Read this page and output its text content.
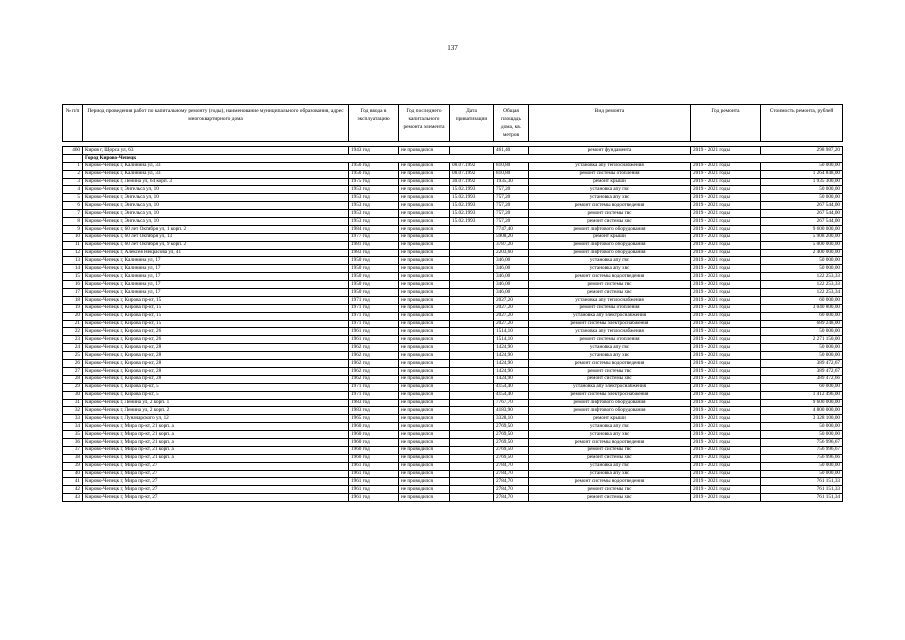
137
№ п/п	Период проведения работ по капитальному ремонту (годы), наименование муниципального образования, адрес многоквартирного дома	Год ввода в эксплуатацию	Год последнего капитального ремонта элемента	Дата приватизации	Общая площадь дома, кв. метров	Вид ремонта	Год ремонта	Стоимость ремонта, рублей

460	Киров г, Щорса ул, 63	1943 год	не проводился		461,40	ремонт фундамента	2019 - 2021 годы	298 987,20
	Город Кирово-Чепецк							
1	Кирово-Чепецк г, Калинина ул, 33	1950 год	не проводился	08.07.1992	810,80	установка апу теплоснабжения	2019 - 2021 годы	50 000,00
2	Кирово-Чепецк г, Калинина ул, 33	1950 год	не проводился	08.07.1992	810,80	ремонт системы отопления	2019 - 2021 годы	1 264 848,00
3	Кирово-Чепецк г, Ленина ул, 64 корп. 3	1975 год	не проводился	30.07.1992	1935,30	ремонт крыши	2019 - 2021 годы	1 935 300,00
4	Кирово-Чепецк г, Энгельса ул, 10	1953 год	не проводился	15.02.1993	757,20	установка апу гвс	2019 - 2021 годы	50 000,00
5	Кирово-Чепецк г, Энгельса ул, 10	1953 год	не проводился	15.02.1993	757,20	установка апу хвс	2019 - 2021 годы	50 000,00
6	Кирово-Чепецк г, Энгельса ул, 10	1953 год	не проводился	15.02.1993	757,20	ремонт системы водоотведения	2019 - 2021 годы	267 544,00
7	Кирово-Чепецк г, Энгельса ул, 10	1953 год	не проводился	15.02.1993	757,20	ремонт системы гвс	2019 - 2021 годы	267 544,00
8	Кирово-Чепецк г, Энгельса ул, 10	1953 год	не проводился	15.02.1993	757,20	ремонт системы хвс	2019 - 2021 годы	267 544,00
9	Кирово-Чепецк г, 60 лет Октября ул, 1 корп. 2	1984 год	не проводился		7747,40	ремонт лифтового оборудования	2019 - 2021 годы	9 600 000,00
10	Кирово-Чепецк г, 60 лет Октября ул, 13	1977 год	не проводился		5908,20	ремонт крыши	2019 - 2021 годы	5 908 200,00
11	Кирово-Чепецк г, 60 лет Октября ул, 9 корп. 2	1981 год	не проводился		3787,20	ремонт лифтового оборудования	2019 - 2021 годы	5 000 000,00
12	Кирово-Чепецк г, Алексея Некрасова ул, 41	1983 год	не проводился		2203,60	ремонт лифтового оборудования	2019 - 2021 годы	2 400 000,00
13	Кирово-Чепецк г, Калинина ул, 17	1950 год	не проводился		346,00	установка апу гвс	2019 - 2021 годы	50 000,00
14	Кирово-Чепецк г, Калинина ул, 17	1950 год	не проводился		346,00	установка апу хвс	2019 - 2021 годы	50 000,00
15	Кирово-Чепецк г, Калинина ул, 17	1950 год	не проводился		346,00	ремонт системы водоотведения	2019 - 2021 годы	122 253,33
16	Кирово-Чепецк г, Калинина ул, 17	1950 год	не проводился		346,00	ремонт системы гвс	2019 - 2021 годы	122 253,33
17	Кирово-Чепецк г, Калинина ул, 17	1950 год	не проводился		346,00	ремонт системы хвс	2019 - 2021 годы	122 253,34
18	Кирово-Чепецк г, Кирова пр-кт, 15	1971 год	не проводился		2027,20	установка апу теплоснабжения	2019 - 2021 годы	60 000,00
19	Кирово-Чепецк г, Кирова пр-кт, 15	1971 год	не проводился		2027,20	ремонт системы отопления	2019 - 2021 годы	3 040 800,00
20	Кирово-Чепецк г, Кирова пр-кт, 15	1971 год	не проводился		2027,20	установка апу электроснабжения	2019 - 2021 годы	60 000,00
21	Кирово-Чепецк г, Кирова пр-кт, 15	1971 год	не проводился		2027,20	ремонт системы электроснабжения	2019 - 2021 годы	689 248,00
22	Кирово-Чепецк г, Кирова пр-кт, 26	1961 год	не проводился		1514,10	установка апу теплоснабжения	2019 - 2021 годы	50 000,00
23	Кирово-Чепецк г, Кирова пр-кт, 26	1961 год	не проводился		1514,10	ремонт системы отопления	2019 - 2021 годы	2 271 150,00
24	Кирово-Чепецк г, Кирова пр-кт, 28	1962 год	не проводился		1424,90	установка апу гвс	2019 - 2021 годы	50 000,00
25	Кирово-Чепецк г, Кирова пр-кт, 28	1962 год	не проводился		1424,90	установка апу хвс	2019 - 2021 годы	50 000,00
26	Кирово-Чепецк г, Кирова пр-кт, 28	1962 год	не проводился		1424,90	ремонт системы водоотведения	2019 - 2021 годы	389 472,67
27	Кирово-Чепецк г, Кирова пр-кт, 28	1962 год	не проводился		1424,90	ремонт системы гвс	2019 - 2021 годы	389 472,67
28	Кирово-Чепецк г, Кирова пр-кт, 28	1962 год	не проводился		1424,90	ремонт системы хвс	2019 - 2021 годы	389 472,66
29	Кирово-Чепецк г, Кирова пр-кт, 5	1971 год	не проводился		4154,40	установка апу электроснабжения	2019 - 2021 годы	60 000,00
30	Кирово-Чепецк г, Кирова пр-кт, 5	1971 год	не проводился		4154,40	ремонт системы электроснабжения	2019 - 2021 годы	1 412 496,00
31	Кирово-Чепецк г, Ленина ул, 2 корп. 1	1983 год	не проводился		7767,70	ремонт лифтового оборудования	2019 - 2021 годы	9 600 000,00
32	Кирово-Чепецк г, Ленина ул, 2 корп. 2	1983 год	не проводился		4183,90	ремонт лифтового оборудования	2019 - 2021 годы	4 800 000,00
33	Кирово-Чепецк г, Луначарского ул, 12	1965 год	не проводился		3328,10	ремонт крыши	2019 - 2021 годы	3 328 100,00
34	Кирово-Чепецк г, Мира пр-кт, 21 корп. а	1960 год	не проводился		2769,50	установка апу гвс	2019 - 2021 годы	50 000,00
35	Кирово-Чепецк г, Мира пр-кт, 21 корп. а	1960 год	не проводился		2769,50	установка апу хвс	2019 - 2021 годы	50 000,00
36	Кирово-Чепецк г, Мира пр-кт, 21 корп. а	1960 год	не проводился		2769,50	ремонт системы водоотведения	2019 - 2021 годы	756 996,67
37	Кирово-Чепецк г, Мира пр-кт, 21 корп. а	1960 год	не проводился		2769,50	ремонт системы гвс	2019 - 2021 годы	756 996,67
38	Кирово-Чепецк г, Мира пр-кт, 21 корп. а	1960 год	не проводился		2769,50	ремонт системы хвс	2019 - 2021 годы	756 996,66
39	Кирово-Чепецк г, Мира пр-кт, 27	1961 год	не проводился		2784,70	установка апу гвс	2019 - 2021 годы	50 000,00
40	Кирово-Чепецк г, Мира пр-кт, 27	1961 год	не проводился		2784,70	установка апу хвс	2019 - 2021 годы	50 000,00
41	Кирово-Чепецк г, Мира пр-кт, 27	1961 год	не проводился		2784,70	ремонт системы водоотведения	2019 - 2021 годы	761 151,33
42	Кирово-Чепецк г, Мира пр-кт, 27	1961 год	не проводился		2784,70	ремонт системы гвс	2019 - 2021 годы	761 151,33
43	Кирово-Чепецк г, Мира пр-кт, 27	1961 год	не проводился		2784,70	ремонт системы хвс	2019 - 2021 годы	761 151,34
